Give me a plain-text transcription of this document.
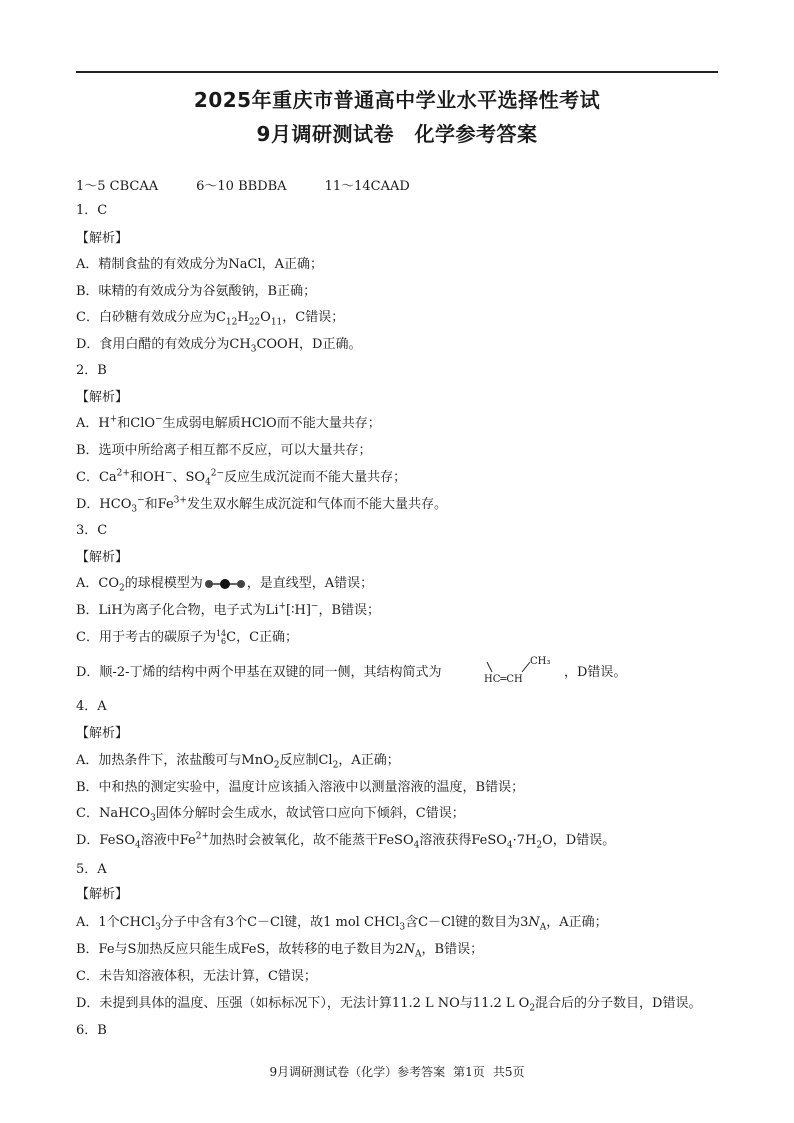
2025年重庆市普通高中学业水平选择性考试
9月调研测试卷　化学参考答案
1～5 CBCAA	6～10 BBDBA	11～14CAAD
1．C
【解析】
A．精制食盐的有效成分为NaCl，A正确；
B．味精的有效成分为谷氨酸钠，B正确；
C．白砂糖有效成分应为$C_{12}H_{22}O_{11}$，C错误；
D．食用白醋的有效成分为$CH_3COOH$，D正确。
2．B
【解析】
A．H+和ClO−生成弱电解质HClO而不能大量共存；
B．选项中所给离子相互都不反应，可以大量共存；
C．$Ca^{2+}$和OH−、$SO_4^{2-}$反应生成沉淀而不能大量共存；
D．$HCO_3^-$和$Fe^{3+}$发生双水解生成沉淀和气体而不能大量共存。
3．C
【解析】
A．$CO_2$的球棍模型为	，是直线型，A错误；
B．LiH为离子化合物，电子式为Li+[∶H]−，B错误；
C．用于考古的碳原子为 14
6 C，C正确；
D．顺-2-丁烯的结构中两个甲基在双键的同一侧，其结构简式为
CH₃
HC═CH	，D错误。
4．A
【解析】
A．加热条件下，浓盐酸可与MnO$_2$反应制$Cl_2$，A正确；
B．中和热的测定实验中，温度计应该插入溶液中以测量溶液的温度，B错误；
C．NaHCO$_3$固体分解时会生成水，故试管口应向下倾斜，C错误；
D．FeSO$_4$溶液中$Fe^{2+}$加热时会被氧化，故不能蒸干FeSO$_4$溶液获得$FeSO_4\cdot 7H_2O$，D错误。
5．A
【解析】
A．1个CHCl$_3$分子中含有3个C－Cl键，故1 mol CHCl$_3$含C－Cl键的数目为$3N_A$，A正确；
B．Fe与S加热反应只能生成FeS，故转移的电子数目为$2N_A$，B错误；
C．未告知溶液体积，无法计算，C错误；
D．未提到具体的温度、压强（如标标况下），无法计算11.2 L NO与11.2 L $O_2$混合后的分子数目，D错误。
6．B
9月调研测试卷（化学）参考答案 第1页 共5页
